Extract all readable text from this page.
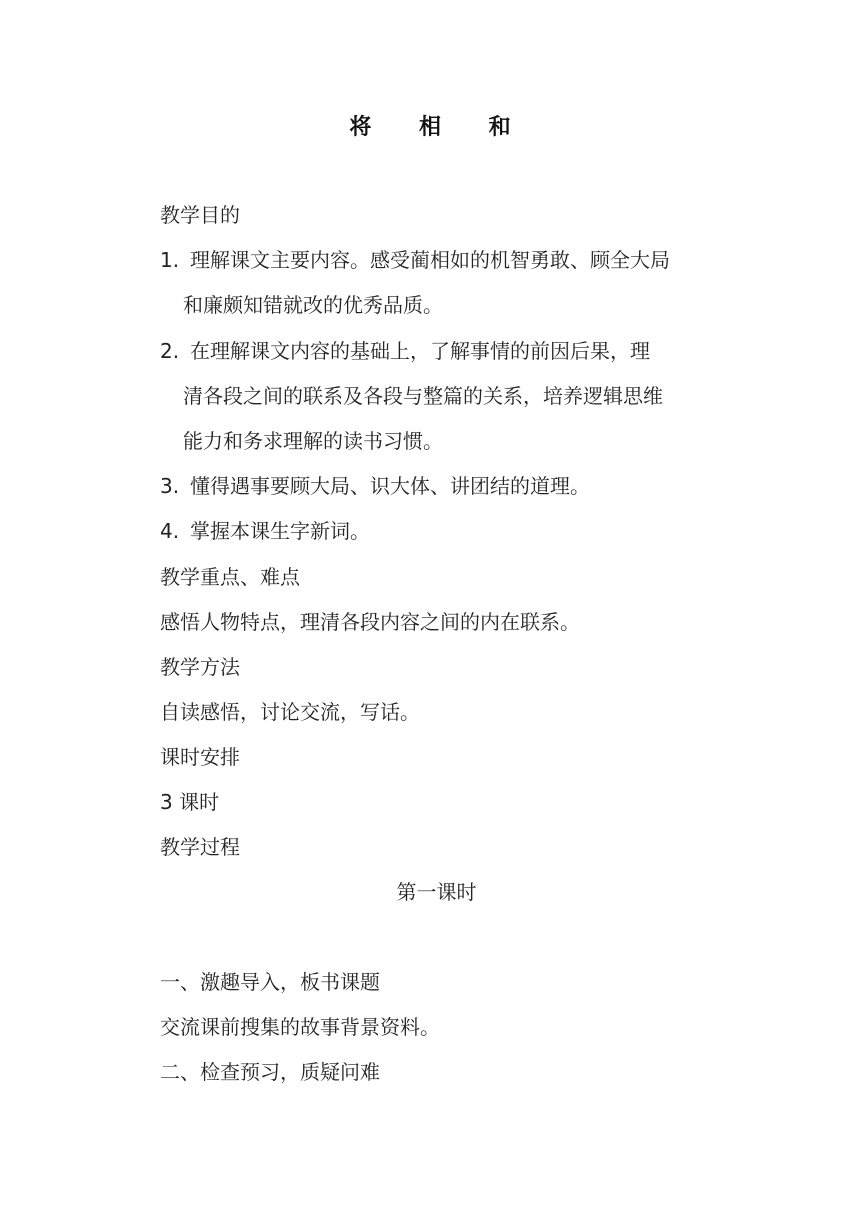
将 相 和
教学目的
1. 理解课文主要内容。感受蔺相如的机智勇敢、顾全大局
和廉颇知错就改的优秀品质。
2. 在理解课文内容的基础上，了解事情的前因后果，理
清各段之间的联系及各段与整篇的关系，培养逻辑思维
能力和务求理解的读书习惯。
3. 懂得遇事要顾大局、识大体、讲团结的道理。
4. 掌握本课生字新词。
教学重点、难点
感悟人物特点，理清各段内容之间的内在联系。
教学方法
自读感悟，讨论交流，写话。
课时安排
3 课时
教学过程
第一课时
一、激趣导入，板书课题
交流课前搜集的故事背景资料。
二、检查预习，质疑问难
